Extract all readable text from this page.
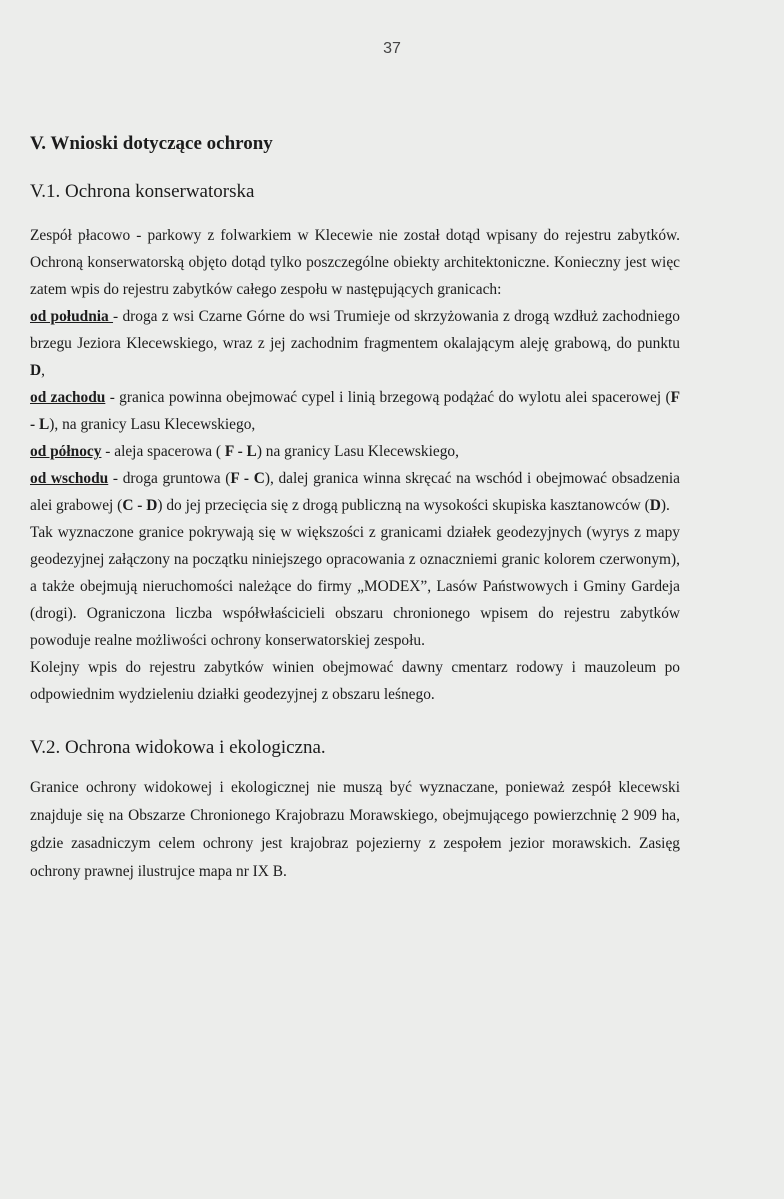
37
V. Wnioski dotyczące ochrony
V.1. Ochrona konserwatorska

Zespół płacowo - parkowy z folwarkiem w Klecewie nie został dotąd wpisany do rejestru zabytków. Ochroną konserwatorską objęto dotąd tylko poszczególne obiekty architektoniczne. Konieczny jest więc zatem wpis do rejestru zabytków całego zespołu w następujących granicach:

od południa - droga z wsi Czarne Górne do wsi Trumieje od skrzyżowania z drogą wzdłuż zachodniego brzegu Jeziora Klecewskiego, wraz z jej zachodnim fragmentem okalającym aleję grabową, do punktu D,

od zachodu - granica powinna obejmować cypel i linią brzegową podążać do wylotu alei spacerowej (F - L), na granicy Lasu Klecewskiego,

od północy - aleja spacerowa ( F - L) na granicy Lasu Klecewskiego,

od wschodu - droga gruntowa (F - C), dalej granica winna skręcać na wschód i obejmować obsadzenia alei grabowej (C - D) do jej przecięcia się z drogą publiczną na wysokości skupiska kasztanowców (D).

Tak wyznaczone granice pokrywają się w większości z granicami działek geodezyjnych (wyrys z mapy geodezyjnej załączony na początku niniejszego opracowania z oznaczniemi granic kolorem czerwonym), a także obejmują nieruchomości należące do firmy „MODEX”, Lasów Państwowych i Gminy Gardeja (drogi). Ograniczona liczba współwłaścicieli obszaru chronionego wpisem do rejestru zabytków powoduje realne możliwości ochrony konserwatorskiej zespołu.

Kolejny wpis do rejestru zabytków winien obejmować dawny cmentarz rodowy i mauzoleum po odpowiednim wydzieleniu działki geodezyjnej z obszaru leśnego.

V.2. Ochrona widokowa i ekologiczna.

Granice ochrony widokowej i ekologicznej nie muszą być wyznaczane, ponieważ zespół klecewski znajduje się na Obszarze Chronionego Krajobrazu Morawskiego, obejmującego powierzchnię 2 909 ha, gdzie zasadniczym celem ochrony jest krajobraz pojezierny z zespołem jezior morawskich. Zasięg ochrony prawnej ilustrujce mapa nr IX B.
